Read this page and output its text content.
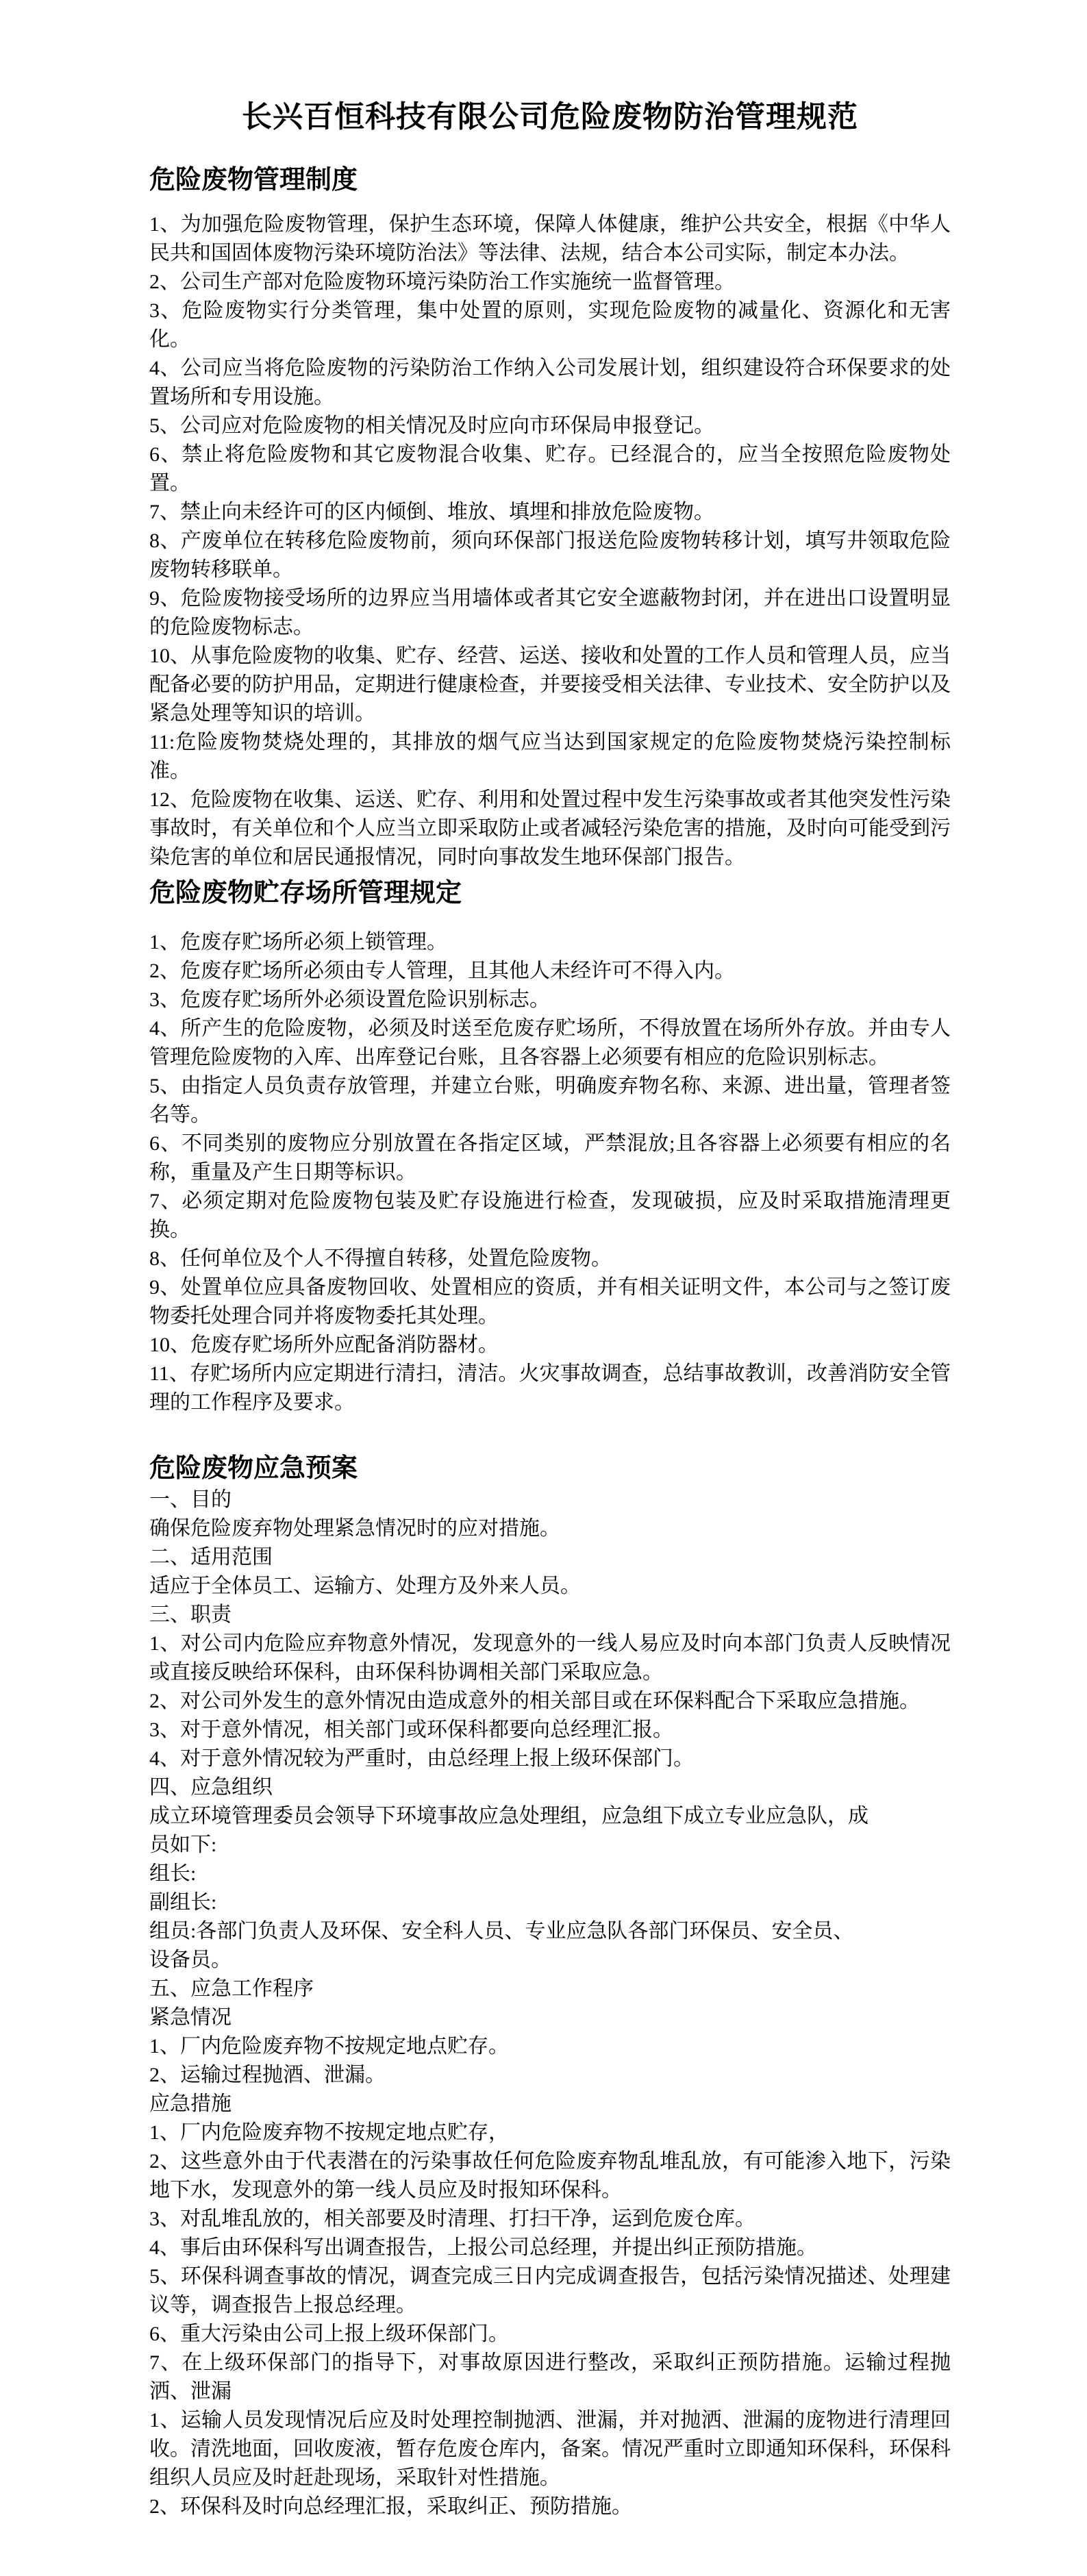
长兴百恒科技有限公司危险废物防治管理规范
危险废物管理制度

1、为加强危险废物管理，保护生态环境，保障人体健康，维护公共安全，根据《中华人民共和国固体废物污染环境防治法》等法律、法规，结合本公司实际，制定本办法。

2、公司生产部对危险废物环境污染防治工作实施统一监督管理。

3、危险废物实行分类管理，集中处置的原则，实现危险废物的减量化、资源化和无害化。

4、公司应当将危险废物的污染防治工作纳入公司发展计划，组织建设符合环保要求的处置场所和专用设施。

5、公司应对危险废物的相关情况及时应向市环保局申报登记。

6、禁止将危险废物和其它废物混合收集、贮存。已经混合的，应当全按照危险废物处置。

7、禁止向未经许可的区内倾倒、堆放、填埋和排放危险废物。

8、产废单位在转移危险废物前，须向环保部门报送危险废物转移计划，填写井领取危险废物转移联单。

9、危险废物接受场所的边界应当用墙体或者其它安全遮蔽物封闭，并在进出口设置明显的危险废物标志。

10、从事危险废物的收集、贮存、经营、运送、接收和处置的工作人员和管理人员，应当配备必要的防护用品，定期进行健康检查，并要接受相关法律、专业技术、安全防护以及紧急处理等知识的培训。

11:危险废物焚烧处理的，其排放的烟气应当达到国家规定的危险废物焚烧污染控制标准。

12、危险废物在收集、运送、贮存、利用和处置过程中发生污染事故或者其他突发性污染事故时，有关单位和个人应当立即采取防止或者减轻污染危害的措施，及时向可能受到污染危害的单位和居民通报情况，同时向事故发生地环保部门报告。

危险废物贮存场所管理规定

1、危废存贮场所必须上锁管理。

2、危废存贮场所必须由专人管理，且其他人未经许可不得入内。

3、危废存贮场所外必须设置危险识别标志。

4、所产生的危险废物，必须及时送至危废存贮场所，不得放置在场所外存放。并由专人管理危险废物的入库、出库登记台账，且各容器上必须要有相应的危险识别标志。

5、由指定人员负责存放管理，并建立台账，明确废弃物名称、来源、进出量，管理者签名等。

6、不同类别的废物应分别放置在各指定区域，严禁混放;且各容器上必须要有相应的名称，重量及产生日期等标识。

7、必须定期对危险废物包装及贮存设施进行检查，发现破损，应及时采取措施清理更换。

8、任何单位及个人不得擅自转移，处置危险废物。

9、处置单位应具备废物回收、处置相应的资质，并有相关证明文件，本公司与之签订废物委托处理合同并将废物委托其处理。

10、危废存贮场所外应配备消防器材。

11、存贮场所内应定期进行清扫，清洁。火灾事故调查，总结事故教训，改善消防安全管理的工作程序及要求。

危险废物应急预案

一、目的

确保危险废弃物处理紧急情况时的应对措施。

二、适用范围

适应于全体员工、运输方、处理方及外来人员。

三、职责

1、对公司内危险应弃物意外情况，发现意外的一线人易应及时向本部门负责人反映情况或直接反映给环保科，由环保科协调相关部门采取应急。

2、对公司外发生的意外情况由造成意外的相关部目或在环保料配合下采取应急措施。

3、对于意外情况，相关部门或环保科都要向总经理汇报。

4、对于意外情况较为严重时，由总经理上报上级环保部门。

四、应急组织

成立环境管理委员会领导下环境事故应急处理组，应急组下成立专业应急队，成

员如下:

组长:

副组长:

组员:各部门负责人及环保、安全科人员、专业应急队各部门环保员、安全员、

设备员。

五、应急工作程序

紧急情况

1、厂内危险废弃物不按规定地点贮存。

2、运输过程抛酒、泄漏。

应急措施

1、厂内危险废弃物不按规定地点贮存，

2、这些意外由于代表潜在的污染事故任何危险废弃物乱堆乱放，有可能渗入地下，污染地下水，发现意外的第一线人员应及时报知环保科。

3、对乱堆乱放的，相关部要及时清理、打扫干净，运到危废仓库。

4、事后由环保科写出调查报告，上报公司总经理，并提出纠正预防措施。

5、环保科调查事故的情况，调查完成三日内完成调查报告，包括污染情况描述、处理建议等，调查报告上报总经理。

6、重大污染由公司上报上级环保部门。

7、在上级环保部门的指导下，对事故原因进行整改，采取纠正预防措施。运输过程抛洒、泄漏

1、运输人员发现情况后应及时处理控制抛洒、泄漏，并对抛洒、泄漏的庞物进行清理回收。清洗地面，回收废液，暂存危废仓库内，备案。情况严重时立即通知环保科，环保科组织人员应及时赶赴现场，采取针对性措施。

2、环保科及时向总经理汇报，采取纠正、预防措施。
